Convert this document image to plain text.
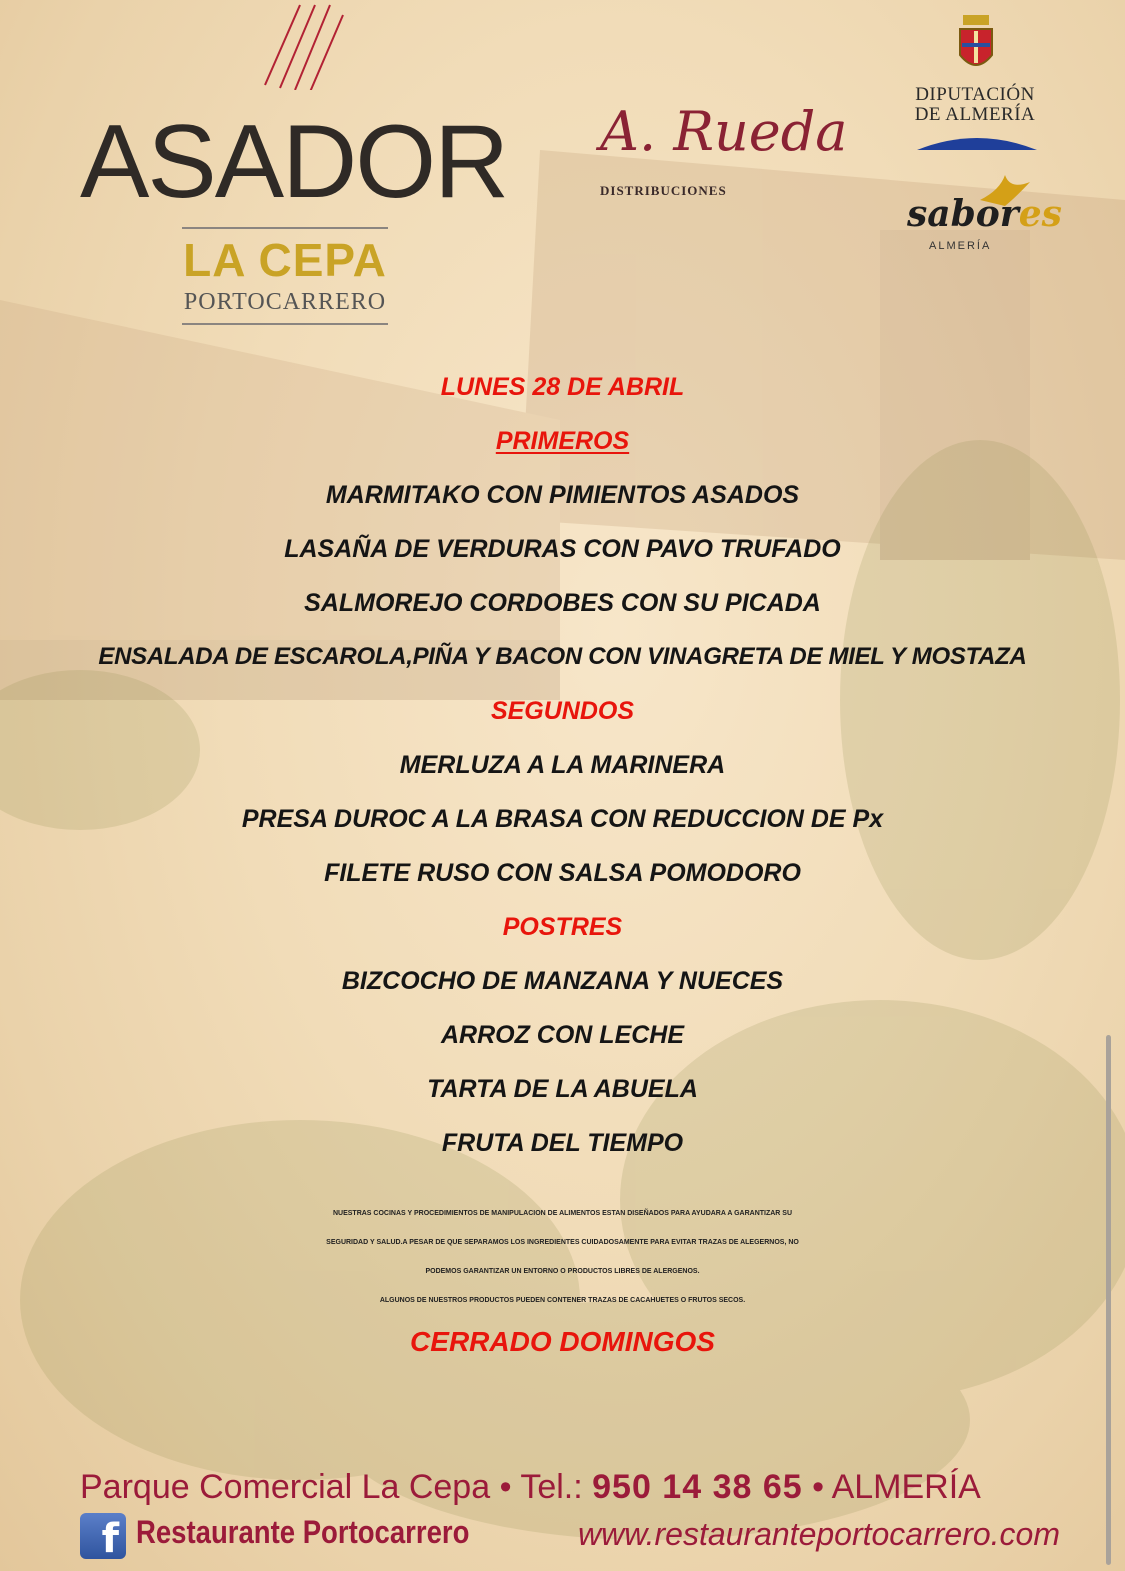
ASADOR
LA CEPA
PORTOCARRERO
A. Rueda
DISTRIBUCIONES
DIPUTACIÓN
DE ALMERÍA
sabores
ALMERÍA
LUNES 28 DE ABRIL
PRIMEROS
MARMITAKO CON PIMIENTOS ASADOS
LASAÑA DE VERDURAS CON PAVO TRUFADO
SALMOREJO CORDOBES CON SU PICADA
ENSALADA DE ESCAROLA,PIÑA Y BACON CON VINAGRETA DE MIEL Y MOSTAZA
SEGUNDOS
MERLUZA A LA MARINERA
PRESA DUROC A LA BRASA CON REDUCCION DE Px
FILETE RUSO CON SALSA POMODORO
POSTRES
BIZCOCHO DE MANZANA Y NUECES
ARROZ CON LECHE
TARTA DE LA ABUELA
FRUTA DEL TIEMPO
NUESTRAS COCINAS Y PROCEDIMIENTOS DE MANIPULACION DE ALIMENTOS ESTAN DISEÑADOS PARA AYUDARA A GARANTIZAR SU
SEGURIDAD Y SALUD.A PESAR DE QUE SEPARAMOS LOS INGREDIENTES CUIDADOSAMENTE PARA EVITAR TRAZAS DE ALEGERNOS, NO
PODEMOS GARANTIZAR UN ENTORNO O PRODUCTOS LIBRES DE ALERGENOS.
ALGUNOS DE NUESTROS PRODUCTOS PUEDEN CONTENER TRAZAS DE CACAHUETES O FRUTOS SECOS.
CERRADO DOMINGOS
Parque Comercial La Cepa • Tel.: 950 14 38 65 • ALMERÍA
f Restaurante Portocarrero	www.restauranteportocarrero.com
